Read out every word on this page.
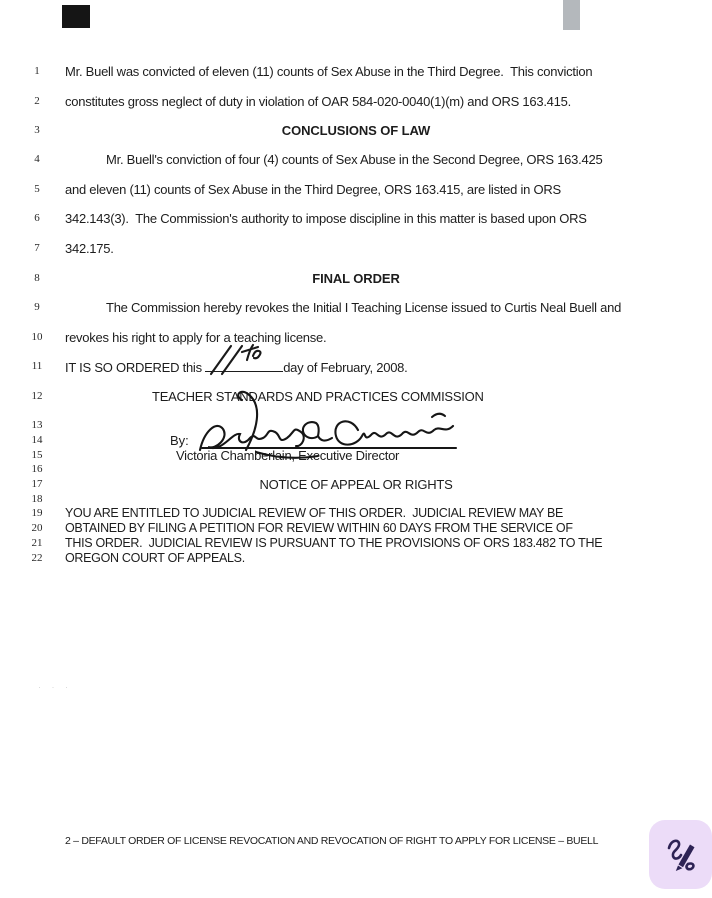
· · ·
1	Mr. Buell was convicted of eleven (11) counts of Sex Abuse in the Third Degree.  This conviction
2	constitutes gross neglect of duty in violation of OAR 584-020-0040(1)(m) and ORS 163.415.
3	CONCLUSIONS OF LAW
4	Mr. Buell's conviction of four (4) counts of Sex Abuse in the Second Degree, ORS 163.425
5	and eleven (11) counts of Sex Abuse in the Third Degree, ORS 163.415, are listed in ORS
6	342.143(3).  The Commission's authority to impose discipline in this matter is based upon ORS
7	342.175.
8	FINAL ORDER
9	The Commission hereby revokes the Initial I Teaching License issued to Curtis Neal Buell and
10 revokes his right to apply for a teaching license.
11 IT IS SO ORDERED this	day of February, 2008.
12	TEACHER STANDARDS AND PRACTICES COMMISSION
13
14
15	Victoria Chamberlain, Executive Director
16
17	NOTICE OF APPEAL OR RIGHTS
18
19 YOU ARE ENTITLED TO JUDICIAL REVIEW OF THIS ORDER.  JUDICIAL REVIEW MAY BE
20 OBTAINED BY FILING A PETITION FOR REVIEW WITHIN 60 DAYS FROM THE SERVICE OF
21 THIS ORDER.  JUDICIAL REVIEW IS PURSUANT TO THE PROVISIONS OF ORS 183.482 TO THE
22 OREGON COURT OF APPEALS.
By:
2 – DEFAULT ORDER OF LICENSE REVOCATION AND REVOCATION OF RIGHT TO APPLY FOR LICENSE – BUELL
